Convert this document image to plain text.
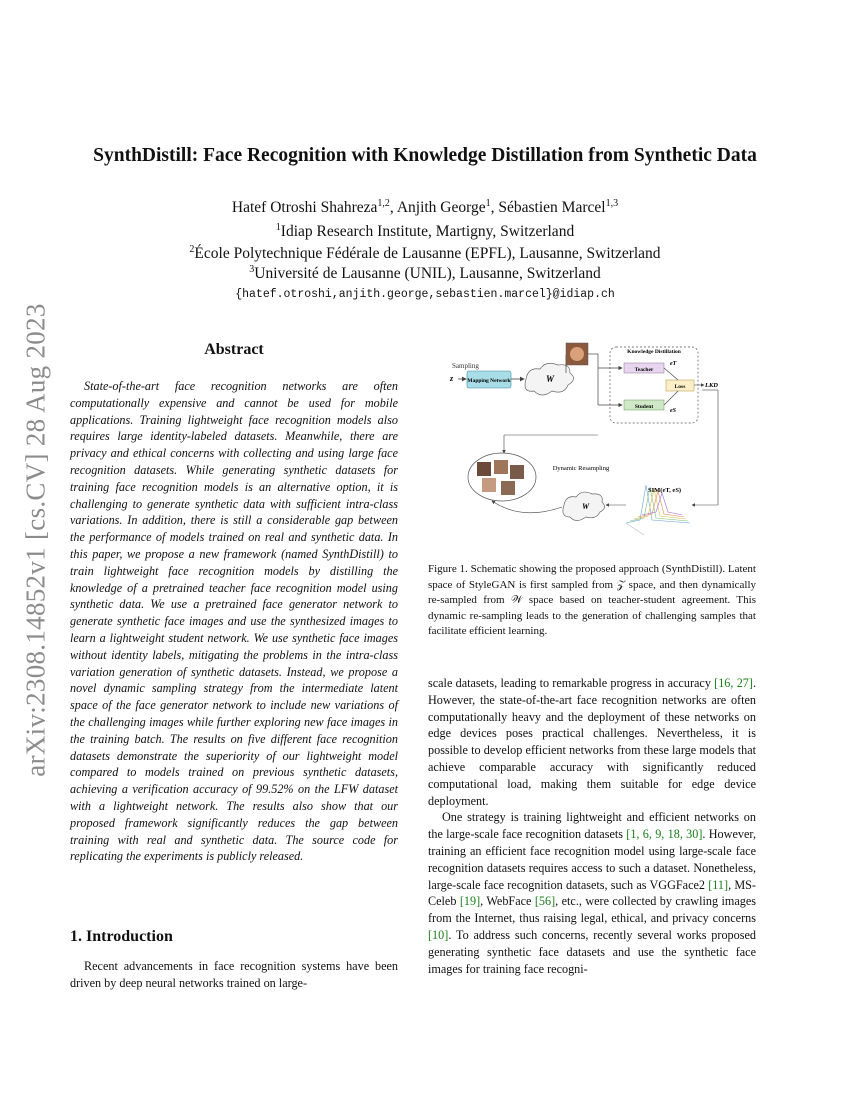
arXiv:2308.14852v1 [cs.CV] 28 Aug 2023
SynthDistill: Face Recognition with Knowledge Distillation from Synthetic Data
Hatef Otroshi Shahreza$^{1,2}$, Anjith George$^1$, Sébastien Marcel$^{1,3}$
$^1$Idiap Research Institute, Martigny, Switzerland
$^2$École Polytechnique Fédérale de Lausanne (EPFL), Lausanne, Switzerland
$^3$Université de Lausanne (UNIL), Lausanne, Switzerland
{hatef.otroshi,anjith.george,sebastien.marcel}@idiap.ch
Abstract
State-of-the-art face recognition networks are often computationally expensive and cannot be used for mobile applications. Training lightweight face recognition models also requires large identity-labeled datasets. Meanwhile, there are privacy and ethical concerns with collecting and using large face recognition datasets. While generating synthetic datasets for training face recognition models is an alternative option, it is challenging to generate synthetic data with sufficient intra-class variations. In addition, there is still a considerable gap between the performance of models trained on real and synthetic data. In this paper, we propose a new framework (named SynthDistill) to train lightweight face recognition models by distilling the knowledge of a pretrained teacher face recognition model using synthetic data. We use a pretrained face generator network to generate synthetic face images and use the synthesized images to learn a lightweight student network. We use synthetic face images without identity labels, mitigating the problems in the intra-class variation generation of synthetic datasets. Instead, we propose a novel dynamic sampling strategy from the intermediate latent space of the face generator network to include new variations of the challenging images while further exploring new face images in the training batch. The results on five different face recognition datasets demonstrate the superiority of our lightweight model compared to models trained on previous synthetic datasets, achieving a verification accuracy of 99.52% on the LFW dataset with a lightweight network. The results also show that our proposed framework significantly reduces the gap between training with real and synthetic data. The source code for replicating the experiments is publicly released.
1. Introduction
Recent advancements in face recognition systems have been driven by deep neural networks trained on large-
Sampling
z	Mapping Network	W
Knowledge Distillation
Teacher
Student
eT
eS
Loss	LKD
Dynamic Resampling
W
SIM(eT, eS)
Figure 1. Schematic showing the proposed approach (SynthDistill). Latent space of StyleGAN is first sampled from 𝒵 space, and then dynamically re-sampled from 𝒲 space based on teacher-student agreement. This dynamic re-sampling leads to the generation of challenging samples that facilitate efficient learning.

scale datasets, leading to remarkable progress in accuracy [16, 27]. However, the state-of-the-art face recognition networks are often computationally heavy and the deployment of these networks on edge devices poses practical challenges. Nevertheless, it is possible to develop efficient networks from these large models that achieve comparable accuracy with significantly reduced computational load, making them suitable for edge device deployment.

One strategy is training lightweight and efficient networks on the large-scale face recognition datasets [1, 6, 9, 18, 30]. However, training an efficient face recognition model using large-scale face recognition datasets requires access to such a dataset. Nonetheless, large-scale face recognition datasets, such as VGGFace2 [11], MS-Celeb [19], WebFace [56], etc., were collected by crawling images from the Internet, thus raising legal, ethical, and privacy concerns [10]. To address such concerns, recently several works proposed generating synthetic face datasets and use the synthetic face images for training face recogni-
